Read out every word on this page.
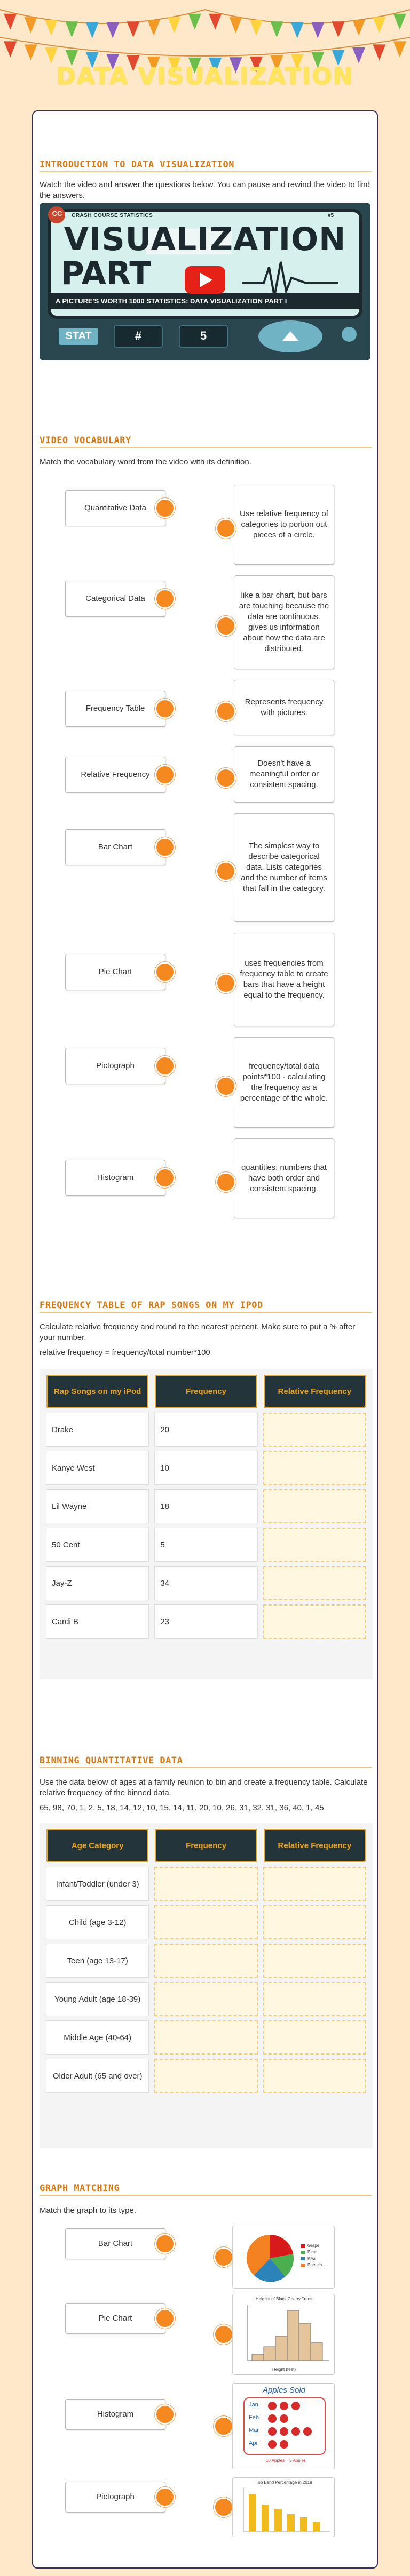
DATA VISUALIZATION
INTRODUCTION TO DATA VISUALIZATION
Watch the video and answer the questions below. You can pause and rewind the video to find the answers.
CC CRASH COURSE STATISTICS	#5
VISUALIZATION
PART
A PICTURE'S WORTH 1000 STATISTICS: DATA VISUALIZATION PART I
STAT	#	5
VIDEO VOCABULARY
Match the vocabulary word from the video with its definition.
Quantitative Data
Use relative frequency of categories to portion out pieces of a circle.
Categorical Data	like a bar chart, but bars are touching because the data are continuous. gives us information about how the data are distributed.
Frequency Table
Represents frequency with pictures.
Relative Frequency
Doesn't have a meaningful order or consistent spacing.
Bar Chart	The simplest way to describe categorical data. Lists categories and the number of items that fall in the category.
Pie Chart
uses frequencies from frequency table to create bars that have a height equal to the frequency.
Pictograph	frequency/total data points*100 - calculating the frequency as a percentage of the whole.
Histogram
quantities: numbers that have both order and consistent spacing.
FREQUENCY TABLE OF RAP SONGS ON MY IPOD
Calculate relative frequency and round to the nearest percent. Make sure to put a % after your number.
relative frequency = frequency/total number*100
Rap Songs on my iPod	Frequency	Relative Frequency
Drake	20	
Kanye West	10	
Lil Wayne	18	
50 Cent	5	
Jay-Z	34	
Cardi B	23	
BINNING QUANTITATIVE DATA
Use the data below of ages at a family reunion to bin and create a frequency table. Calculate relative frequency of the binned data.
65, 98, 70, 1, 2, 5, 18, 14, 12, 10, 15, 14, 11, 20, 10, 26, 31, 32, 31, 36, 40, 1, 45
Age Category	Frequency	Relative Frequency
Infant/Toddler (under 3)		
Child (age 3-12)		
Teen (age 13-17)		
Young Adult (age 18-39)		
Middle Age (40-64)		
Older Adult (65 and over)		
GRAPH MATCHING
Match the graph to its type.
Bar Chart
Pie Chart
Histogram
Pictograph
Grape
Pear
Kiwi
Pomelo
Heights of Black Cherry Trees
Height (feet)
Apples Sold
Jan
Feb
Mar
Apr
= 10 Apples = 5 Apples
Top Band Percentage in 2018
